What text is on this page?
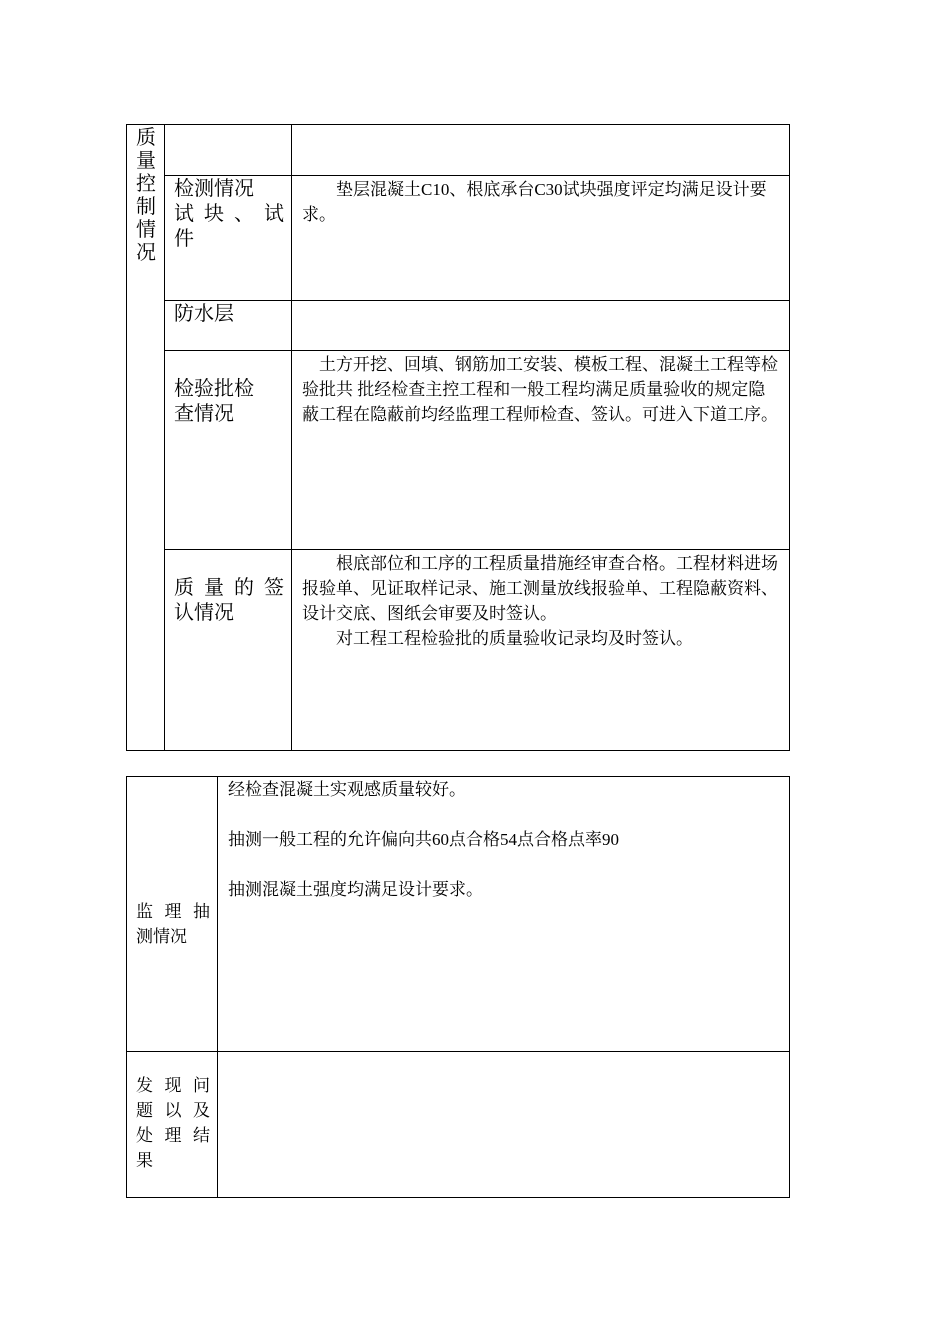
质量控制情况
检测情况
试块、试
件

垫层混凝土C10、根底承台C30试块强度评定均满足设计要求。

防水层
检验批检
查情况

土方开挖、回填、钢筋加工安装、模板工程、混凝土工程等检验批共 批经检查主控工程和一般工程均满足质量验收的规定隐蔽工程在隐蔽前均经监理工程师检查、签认。可进入下道工序。

质量的签
认情况

根底部位和工序的工程质量措施经审查合格。工程材料进场报验单、见证取样记录、施工测量放线报验单、工程隐蔽资料、设计交底、图纸会审要及时签认。

对工程工程检验批的质量验收记录均及时签认。

监理抽
测情况

经检查混凝土实观感质量较好。

抽测一般工程的允许偏向共60点合格54点合格点率90

抽测混凝土强度均满足设计要求。

发现问
题以及
处理结
果
